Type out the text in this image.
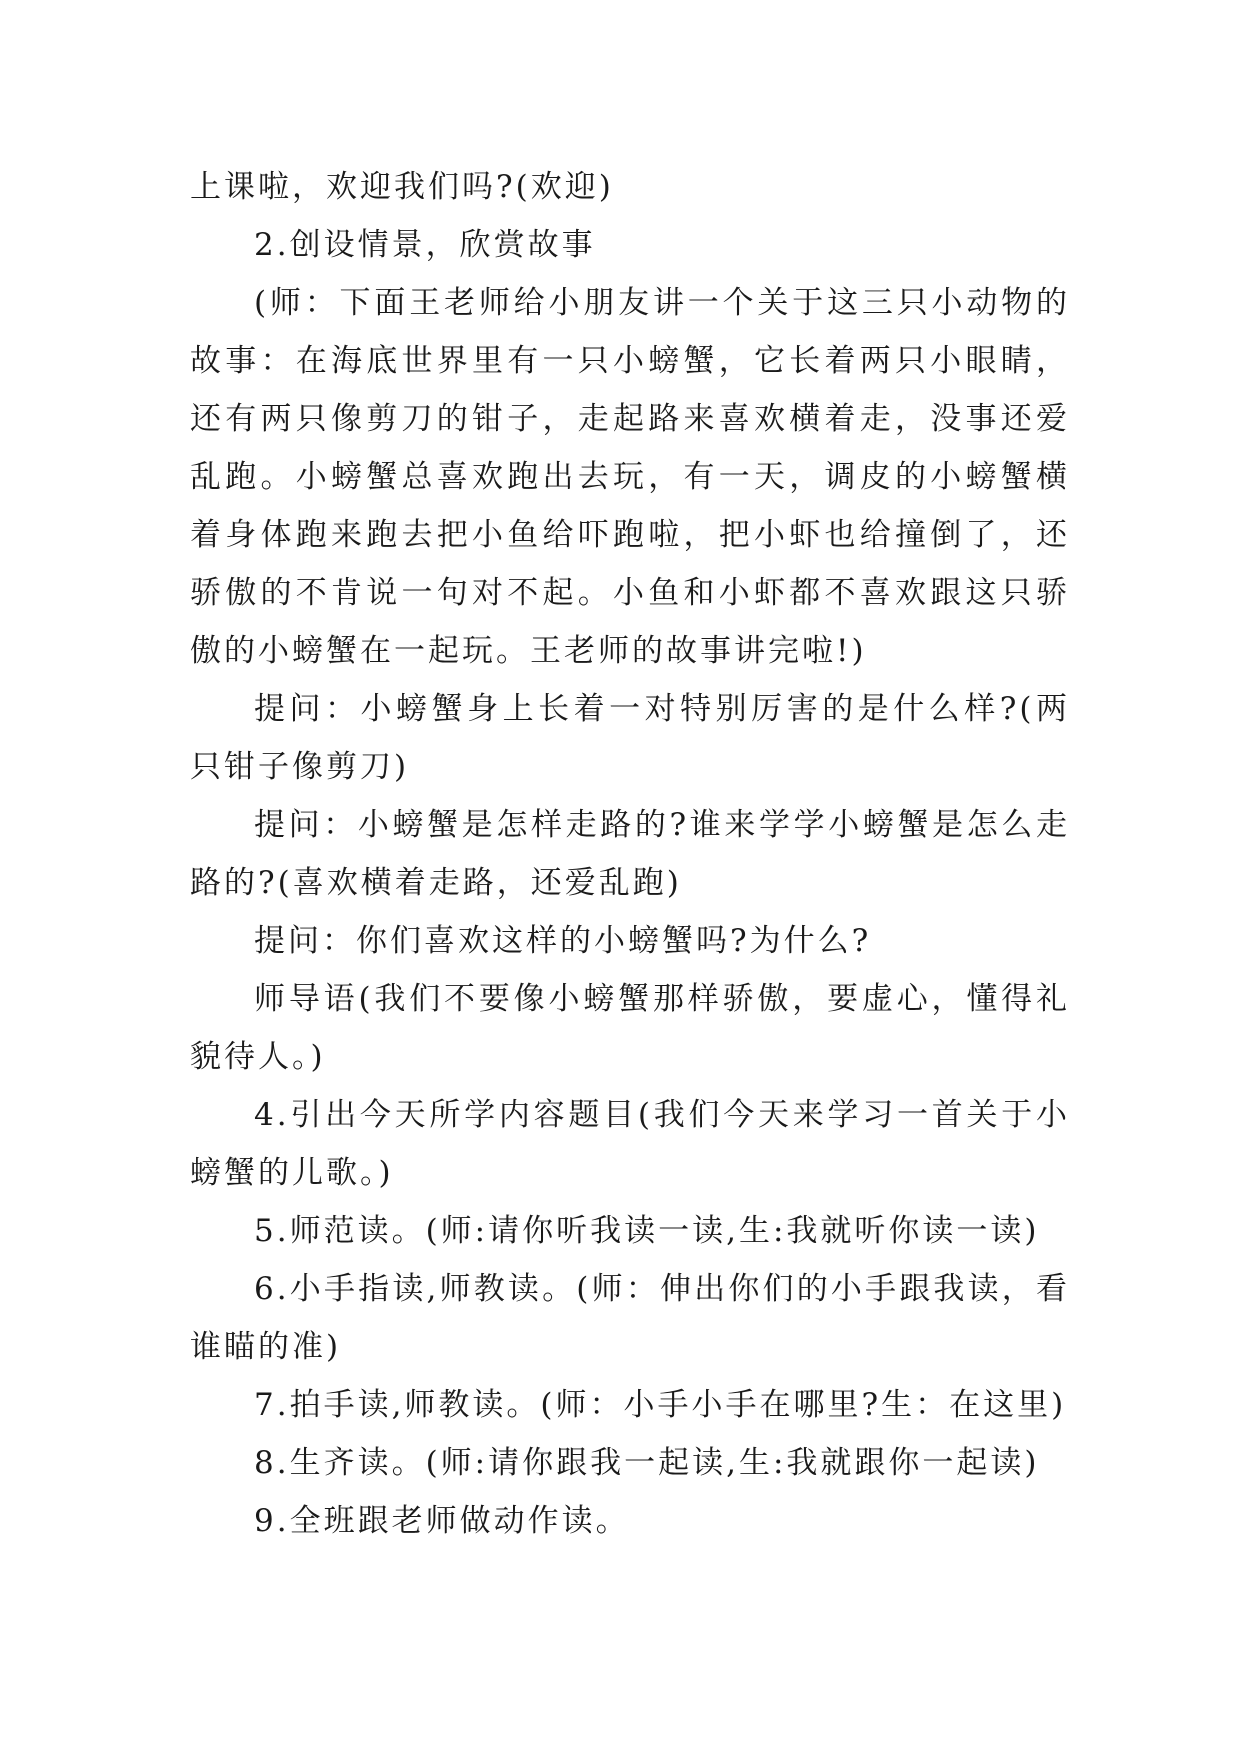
上课啦，欢迎我们吗?(欢迎)

2.创设情景，欣赏故事

(师：下面王老师给小朋友讲一个关于这三只小动物的故事：在海底世界里有一只小螃蟹，它长着两只小眼睛，还有两只像剪刀的钳子，走起路来喜欢横着走，没事还爱乱跑。小螃蟹总喜欢跑出去玩，有一天，调皮的小螃蟹横着身体跑来跑去把小鱼给吓跑啦，把小虾也给撞倒了，还骄傲的不肯说一句对不起。小鱼和小虾都不喜欢跟这只骄傲的小螃蟹在一起玩。王老师的故事讲完啦!)

提问：小螃蟹身上长着一对特别厉害的是什么样?(两只钳子像剪刀)

提问：小螃蟹是怎样走路的?谁来学学小螃蟹是怎么走路的?(喜欢横着走路，还爱乱跑)

提问：你们喜欢这样的小螃蟹吗?为什么?

师导语(我们不要像小螃蟹那样骄傲，要虚心，懂得礼貌待人。)

4.引出今天所学内容题目(我们今天来学习一首关于小螃蟹的儿歌。)

5.师范读。(师:请你听我读一读,生:我就听你读一读)

6.小手指读,师教读。(师：伸出你们的小手跟我读，看谁瞄的准)

7.拍手读,师教读。(师：小手小手在哪里?生：在这里)

8.生齐读。(师:请你跟我一起读,生:我就跟你一起读)

9.全班跟老师做动作读。
